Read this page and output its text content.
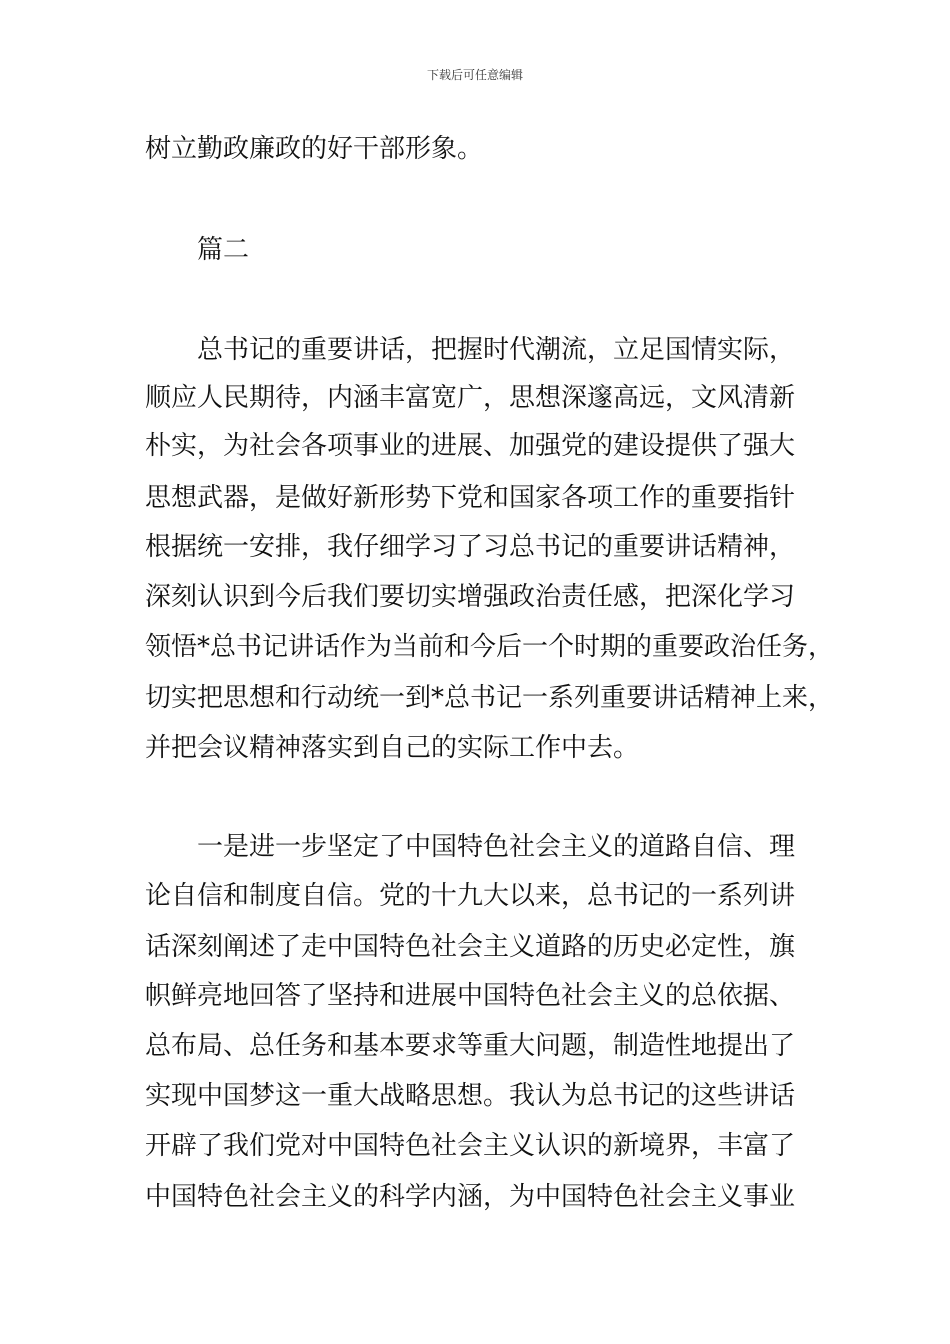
下载后可任意编辑
树立勤政廉政的好干部形象。
篇二
总书记的重要讲话，把握时代潮流，立足国情实际，
顺应人民期待，内涵丰富宽广，思想深邃高远，文风清新
朴实，为社会各项事业的进展、加强党的建设提供了强大
思想武器，是做好新形势下党和国家各项工作的重要指针
根据统一安排，我仔细学习了习总书记的重要讲话精神，
深刻认识到今后我们要切实增强政治责任感，把深化学习
领悟*总书记讲话作为当前和今后一个时期的重要政治任务，
切实把思想和行动统一到*总书记一系列重要讲话精神上来，
并把会议精神落实到自己的实际工作中去。
一是进一步坚定了中国特色社会主义的道路自信、理
论自信和制度自信。党的十九大以来，总书记的一系列讲
话深刻阐述了走中国特色社会主义道路的历史必定性，旗
帜鲜亮地回答了坚持和进展中国特色社会主义的总依据、
总布局、总任务和基本要求等重大问题，制造性地提出了
实现中国梦这一重大战略思想。我认为总书记的这些讲话
开辟了我们党对中国特色社会主义认识的新境界，丰富了
中国特色社会主义的科学内涵，为中国特色社会主义事业
